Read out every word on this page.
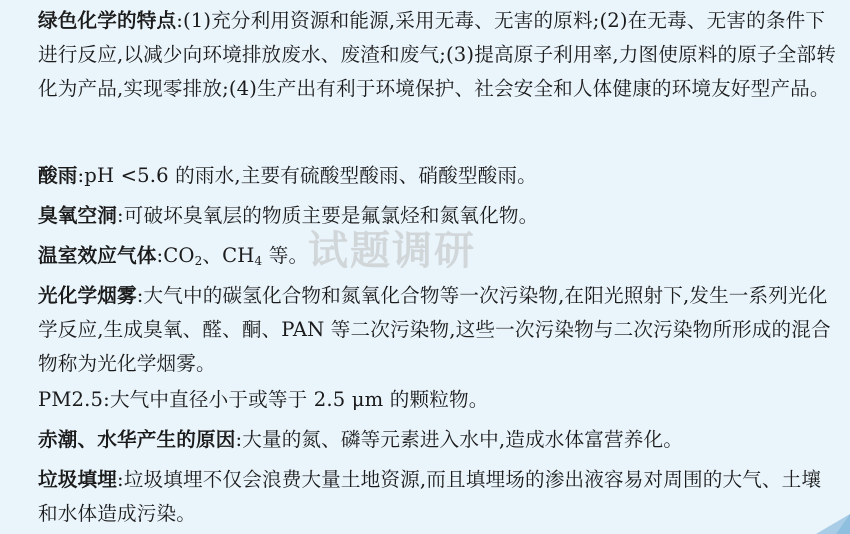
绿色化学的特点:(1)充分利用资源和能源,采用无毒、无害的原料;(2)在无毒、无害的条件下进行反应,以减少向环境排放废水、废渣和废气;(3)提高原子利用率,力图使原料的原子全部转化为产品,实现零排放;(4)生产出有利于环境保护、社会安全和人体健康的环境友好型产品。

酸雨:pH <5.6 的雨水,主要有硫酸型酸雨、硝酸型酸雨。

臭氧空洞:可破坏臭氧层的物质主要是氟氯烃和氮氧化物。

温室效应气体$:CO_2$、$CH_4$ 等。

光化学烟雾:大气中的碳氢化合物和氮氧化合物等一次污染物,在阳光照射下,发生一系列光化学反应,生成臭氧、醛、酮、PAN 等二次污染物,这些一次污染物与二次污染物所形成的混合物称为光化学烟雾。

PM2.5:大气中直径小于或等于 2.5 μm 的颗粒物。

赤潮、水华产生的原因:大量的氮、磷等元素进入水中,造成水体富营养化。

垃圾填埋:垃圾填埋不仅会浪费大量土地资源,而且填埋场的渗出液容易对周围的大气、土壤和水体造成污染。

试题调研
